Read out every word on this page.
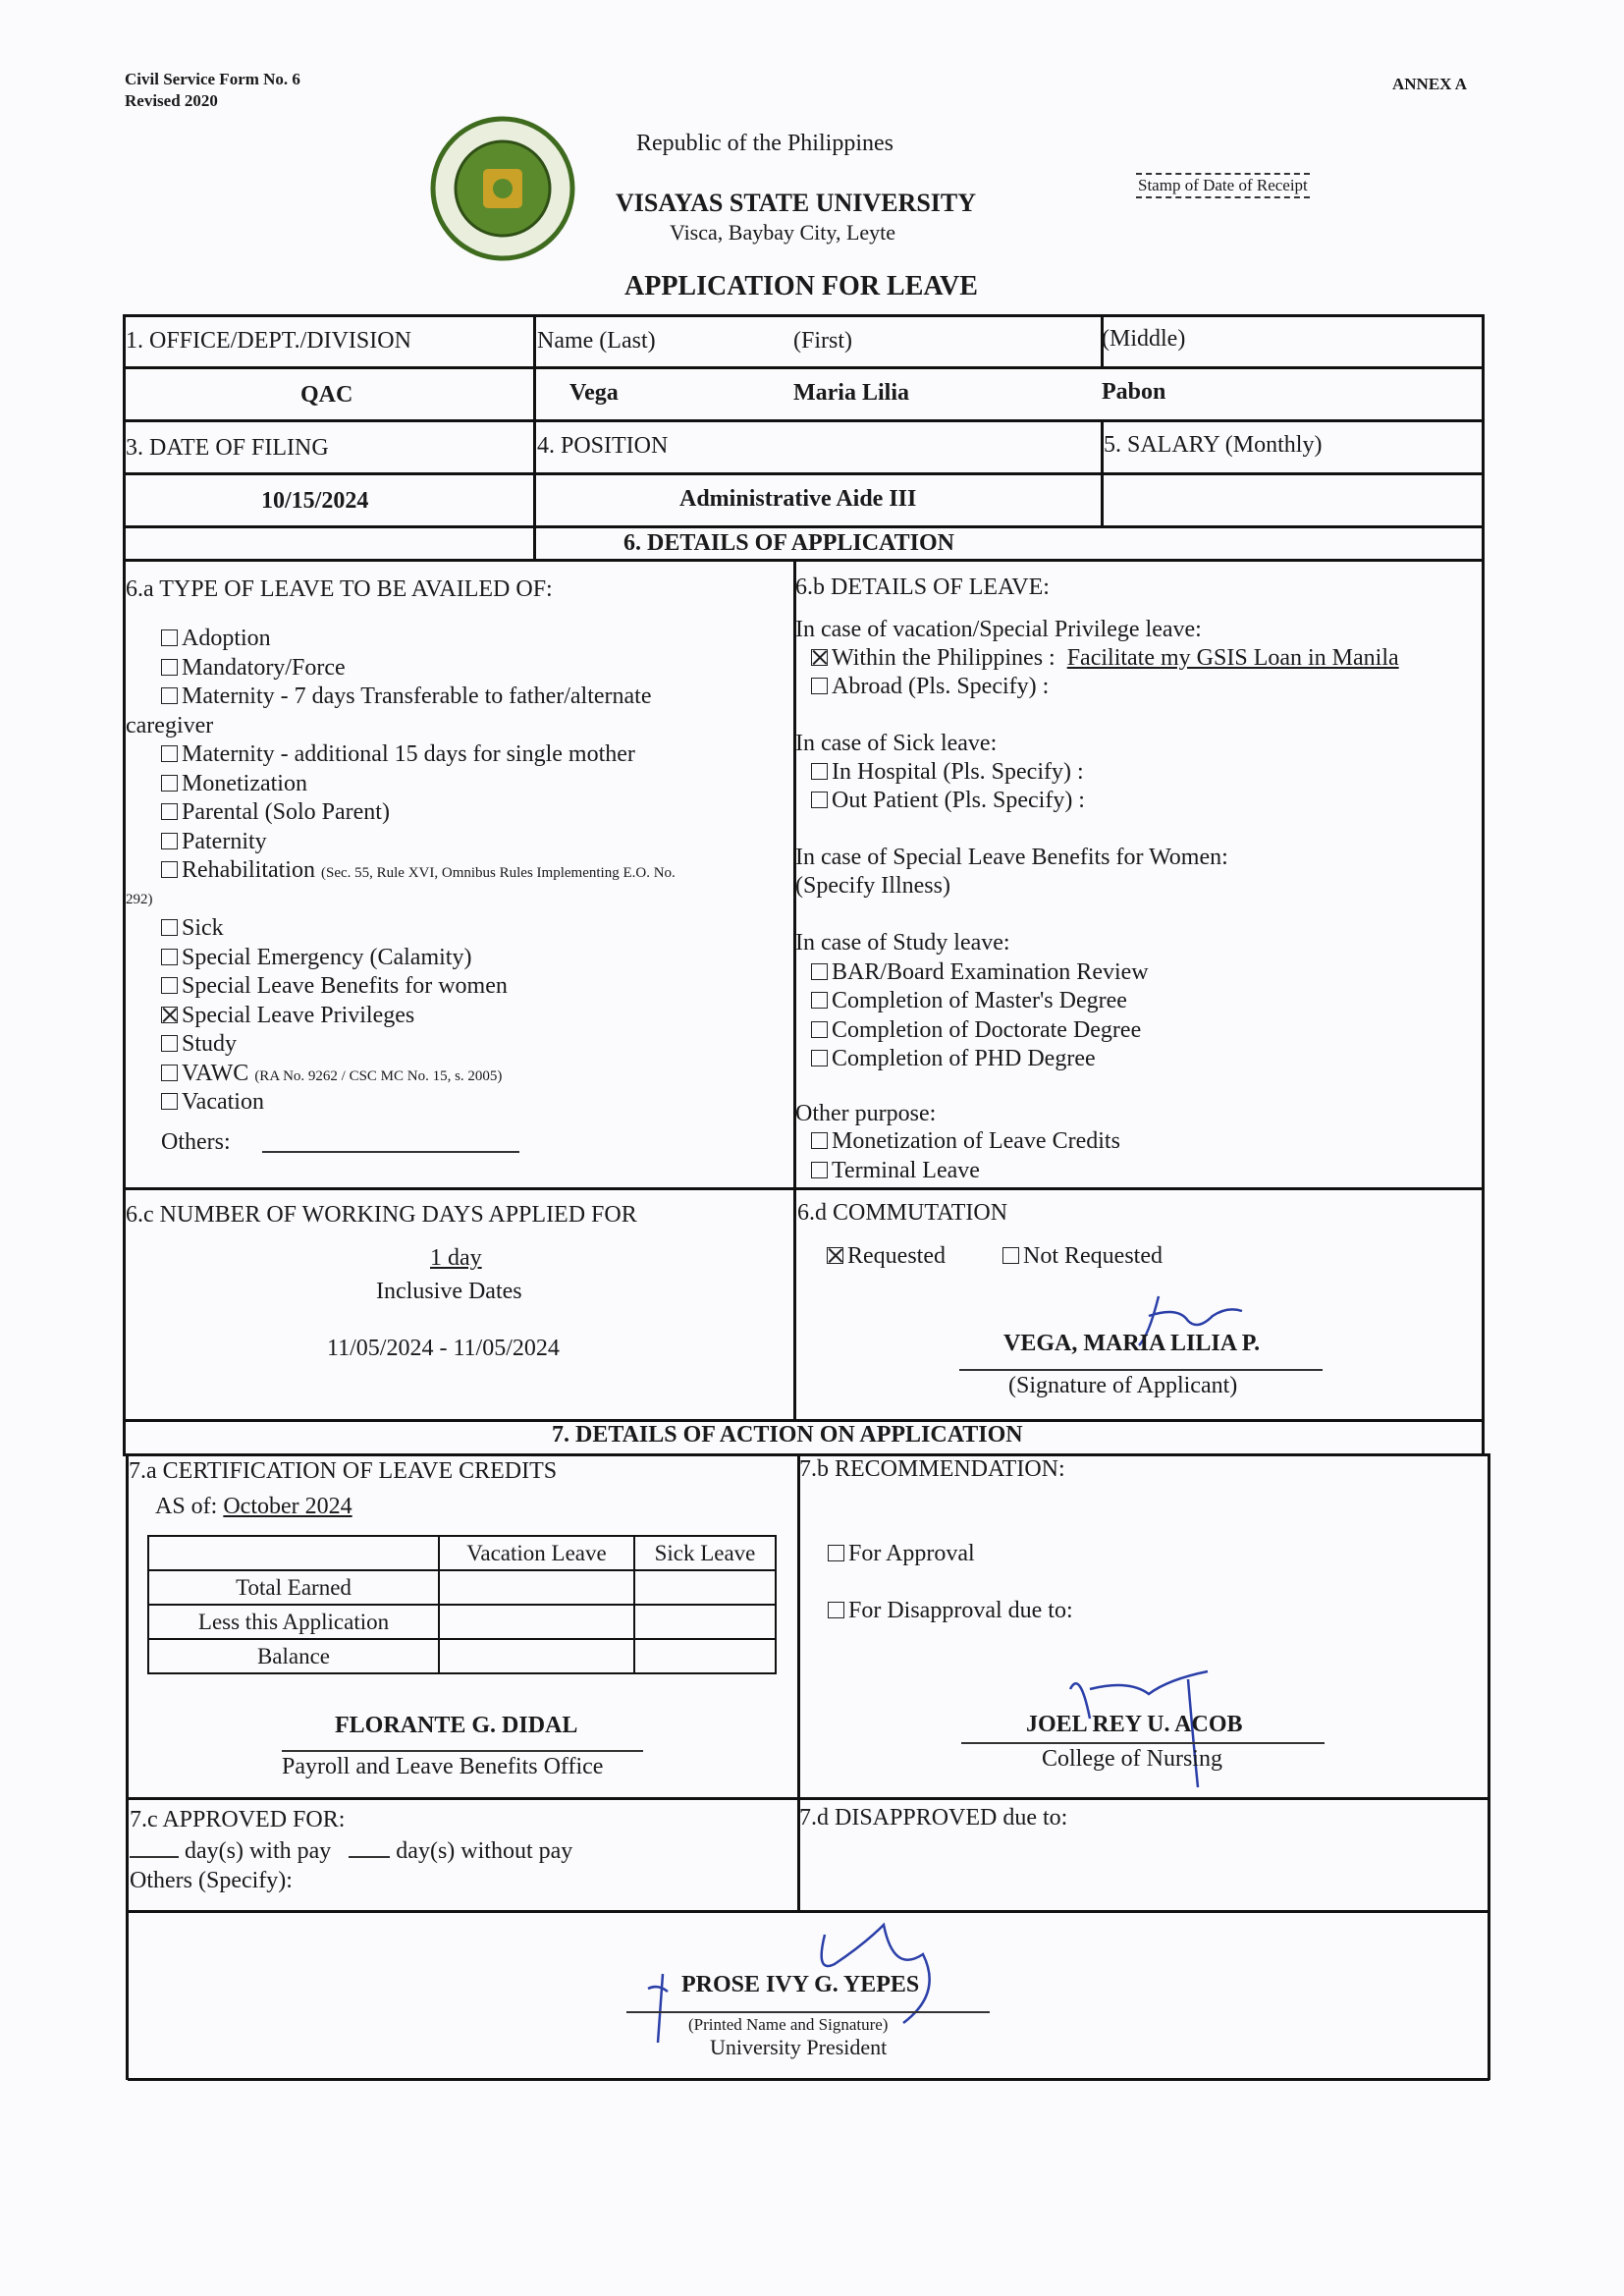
Civil Service Form No. 6
Revised 2020
ANNEX A
Republic of the Philippines
VISAYAS STATE UNIVERSITY
Visca, Baybay City, Leyte
Stamp of Date of Receipt
APPLICATION FOR LEAVE
1. OFFICE/DEPT./DIVISION	Name (Last)	(First)	(Middle)
QAC	Vega	Maria Lilia	Pabon
3. DATE OF FILING	4. POSITION	5. SALARY (Monthly)
10/15/2024	Administrative Aide III
6. DETAILS OF APPLICATION
6.a TYPE OF LEAVE TO BE AVAILED OF:
Adoption
Mandatory/Force
Maternity - 7 days Transferable to father/alternate
caregiver
Maternity - additional 15 days for single mother
Monetization
Parental (Solo Parent)
Paternity
Rehabilitation (Sec. 55, Rule XVI, Omnibus Rules Implementing E.O. No.
292)
Sick
Special Emergency (Calamity)
Special Leave Benefits for women
Special Leave Privileges
Study
VAWC (RA No. 9262 / CSC MC No. 15, s. 2005)
Vacation
Others:
6.b DETAILS OF LEAVE:
In case of vacation/Special Privilege leave:
Within the Philippines : Facilitate my GSIS Loan in Manila
Abroad (Pls. Specify) :
In case of Sick leave:
In Hospital (Pls. Specify) :
Out Patient (Pls. Specify) :
In case of Special Leave Benefits for Women:
(Specify Illness)
In case of Study leave:
BAR/Board Examination Review
Completion of Master's Degree
Completion of Doctorate Degree
Completion of PHD Degree
Other purpose:
Monetization of Leave Credits
Terminal Leave
6.c NUMBER OF WORKING DAYS APPLIED FOR
1 day
Inclusive Dates
11/05/2024 - 11/05/2024
6.d COMMUTATION
Requested	Not Requested
VEGA, MARIA LILIA P.
(Signature of Applicant)
7. DETAILS OF ACTION ON APPLICATION
7.a CERTIFICATION OF LEAVE CREDITS
AS of: October 2024
	Vacation Leave	Sick Leave
Total Earned		
Less this Application		
Balance		
FLORANTE G. DIDAL
Payroll and Leave Benefits Office
7.b RECOMMENDATION:
For Approval
For Disapproval due to:
JOEL REY U. ACOB
College of Nursing
7.c APPROVED FOR:
day(s) with pay	day(s) without pay
Others (Specify):
7.d DISAPPROVED due to:
PROSE IVY G. YEPES
(Printed Name and Signature)
University President
